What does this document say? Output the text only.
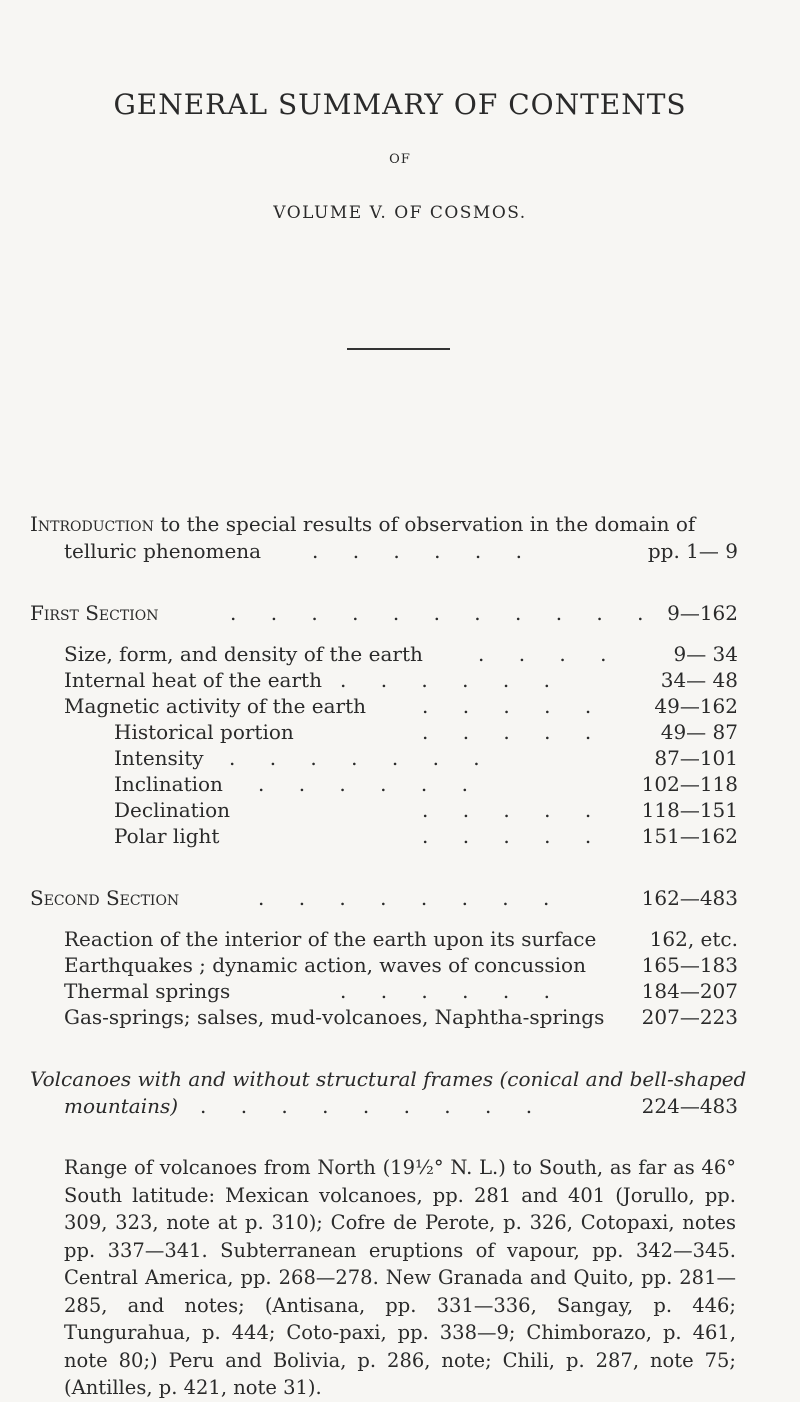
GENERAL SUMMARY OF CONTENTS
OF
VOLUME V. OF COSMOS.
Introduction to the special results of observation in the domain of
telluric phenomena	. . . . . .	pp. 1— 9
First Section	. . . . . . . . . . . 9—162
Size, form, and density of the earth	. . . .	9— 34
Internal heat of the earth . . . . . .	34— 48
Magnetic activity of the earth	. . . . . 49—162
Historical portion	. . . . .	49— 87
Intensity . . . . . . .	87—101
Inclination . . . . . .	102—118
Declination	. . . . . 118—151
Polar light	. . . . . 151—162
Second Section	. . . . . . . .	162—483
Reaction of the interior of the earth upon its surface	162, etc.
Earthquakes ; dynamic action, waves of concussion	165—183
Thermal springs	. . . . . .	184—207
Gas-springs; salses, mud-volcanoes, Naphtha-springs 207—223
Volcanoes with and without structural frames (conical and bell-shaped
mountains) . . . . . . . . .	224—483
Range of volcanoes from North (19½° N. L.) to South, as far as 46° South latitude: Mexican volcanoes, pp. 281 and 401 (Jorullo, pp. 309, 323, note at p. 310); Cofre de Perote, p. 326, Cotopaxi, notes pp. 337—341. Subterranean eruptions of vapour, pp. 342—345. Central America, pp. 268—278. New Granada and Quito, pp. 281—285, and notes; (Antisana, pp. 331—336, Sangay, p. 446; Tungurahua, p. 444; Coto-paxi, pp. 338—9; Chimborazo, p. 461, note 80;) Peru and Bolivia, p. 286, note; Chili, p. 287, note 75; (Antilles, p. 421, note 31).
